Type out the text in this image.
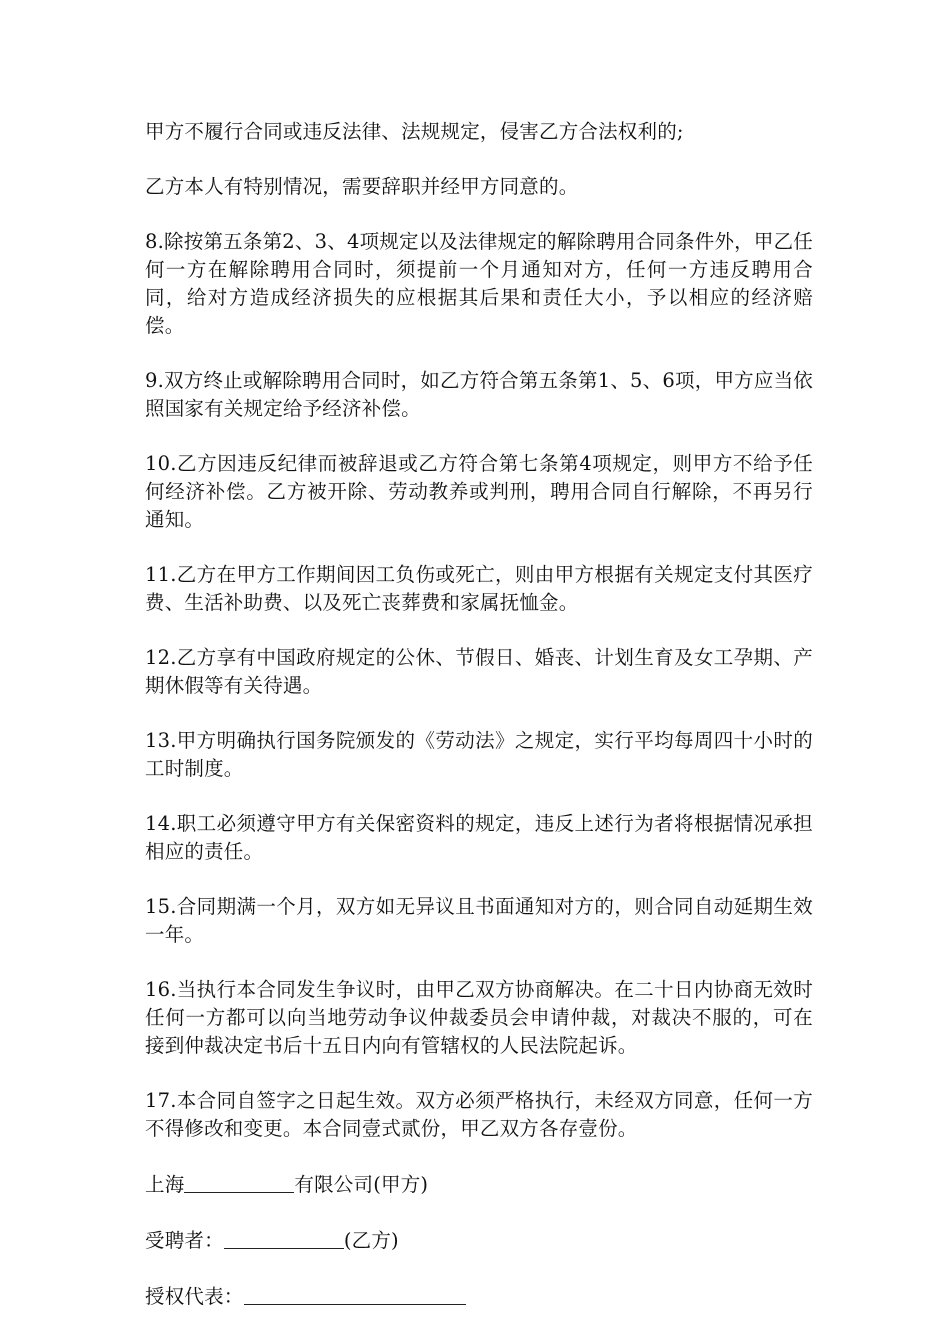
甲方不履行合同或违反法律、法规规定，侵害乙方合法权利的;

乙方本人有特别情况，需要辞职并经甲方同意的。

8.除按第五条第2、3、4项规定以及法律规定的解除聘用合同条件外，甲乙任何一方在解除聘用合同时，须提前一个月通知对方，任何一方违反聘用合同，给对方造成经济损失的应根据其后果和责任大小，予以相应的经济赔偿。

9.双方终止或解除聘用合同时，如乙方符合第五条第1、5、6项，甲方应当依照国家有关规定给予经济补偿。

10.乙方因违反纪律而被辞退或乙方符合第七条第4项规定，则甲方不给予任何经济补偿。乙方被开除、劳动教养或判刑，聘用合同自行解除，不再另行通知。

11.乙方在甲方工作期间因工负伤或死亡，则由甲方根据有关规定支付其医疗费、生活补助费、以及死亡丧葬费和家属抚恤金。

12.乙方享有中国政府规定的公休、节假日、婚丧、计划生育及女工孕期、产期休假等有关待遇。

13.甲方明确执行国务院颁发的《劳动法》之规定，实行平均每周四十小时的工时制度。

14.职工必须遵守甲方有关保密资料的规定，违反上述行为者将根据情况承担相应的责任。

15.合同期满一个月，双方如无异议且书面通知对方的，则合同自动延期生效一年。

16.当执行本合同发生争议时，由甲乙双方协商解决。在二十日内协商无效时任何一方都可以向当地劳动争议仲裁委员会申请仲裁，对裁决不服的，可在接到仲裁决定书后十五日内向有管辖权的人民法院起诉。

17.本合同自签字之日起生效。双方必须严格执行，未经双方同意，任何一方不得修改和变更。本合同壹式贰份，甲乙双方各存壹份。

上海	有限公司(甲方)
受聘者：	(乙方)
授权代表：
